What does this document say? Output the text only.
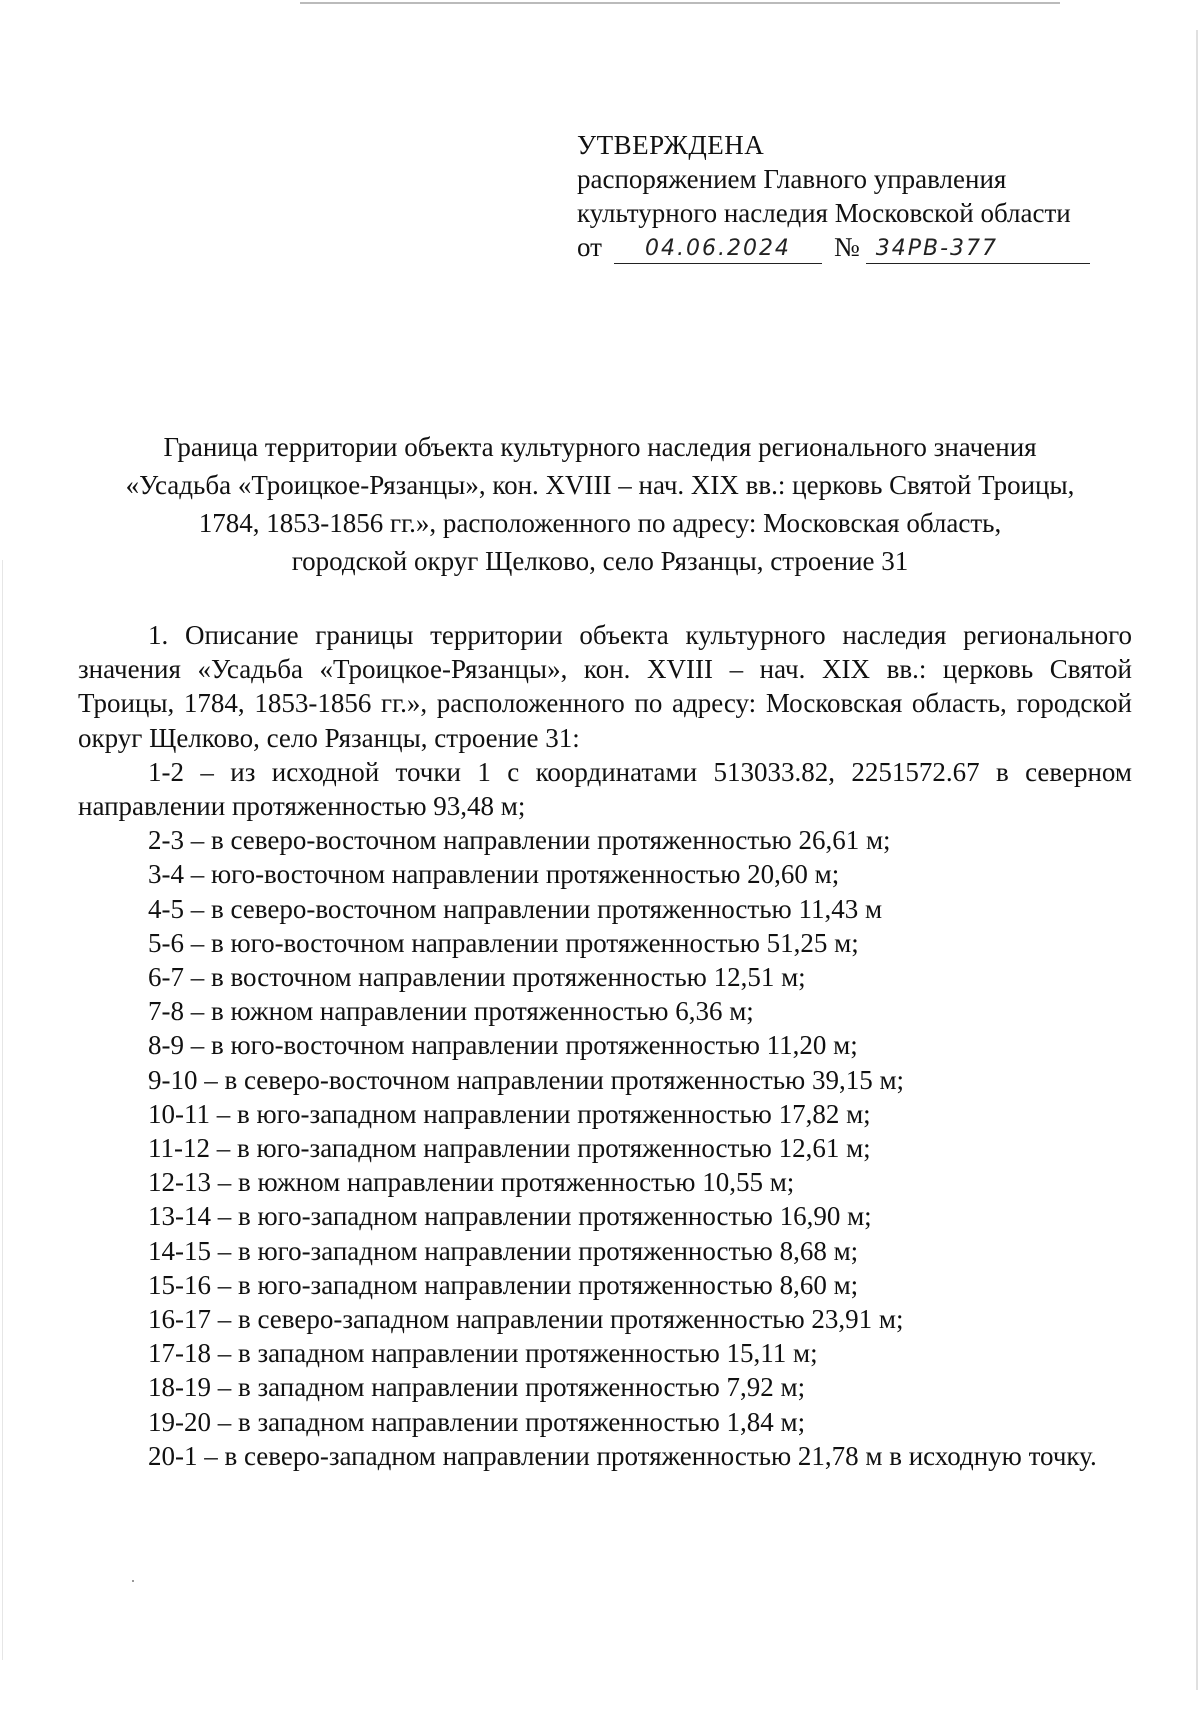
УТВЕРЖДЕНА
распоряжением Главного управления
культурного наследия Московской области
от	04.06.2024	№ 34РВ-377
Граница территории объекта культурного наследия регионального значения
«Усадьба «Троицкое-Рязанцы», кон. XVIII – нач. XIX вв.: церковь Святой Троицы,
1784, 1853-1856 гг.», расположенного по адресу: Московская область,
городской округ Щелково, село Рязанцы, строение 31

1. Описание границы территории объекта культурного наследия регионального значения «Усадьба «Троицкое-Рязанцы», кон. XVIII – нач. XIX вв.: церковь Святой Троицы, 1784, 1853-1856 гг.», расположенного по адресу: Московская область, городской округ Щелково, село Рязанцы, строение 31:

1-2 – из исходной точки 1 с координатами 513033.82, 2251572.67 в северном направлении протяженностью 93,48 м;

2-3 – в северо-восточном направлении протяженностью 26,61 м;

3-4 – юго-восточном направлении протяженностью 20,60 м;

4-5 – в северо-восточном направлении протяженностью 11,43 м

5-6 – в юго-восточном направлении протяженностью 51,25 м;

6-7 – в восточном направлении протяженностью 12,51 м;

7-8 – в южном направлении протяженностью 6,36 м;

8-9 – в юго-восточном направлении протяженностью 11,20 м;

9-10 – в северо-восточном направлении протяженностью 39,15 м;

10-11 – в юго-западном направлении протяженностью 17,82 м;

11-12 – в юго-западном направлении протяженностью 12,61 м;

12-13 – в южном направлении протяженностью 10,55 м;

13-14 – в юго-западном направлении протяженностью 16,90 м;

14-15 – в юго-западном направлении протяженностью 8,68 м;

15-16 – в юго-западном направлении протяженностью 8,60 м;

16-17 – в северо-западном направлении протяженностью 23,91 м;

17-18 – в западном направлении протяженностью 15,11 м;

18-19 – в западном направлении протяженностью 7,92 м;

19-20 – в западном направлении протяженностью 1,84 м;

20-1 – в северо-западном направлении протяженностью 21,78 м в исходную точку.
